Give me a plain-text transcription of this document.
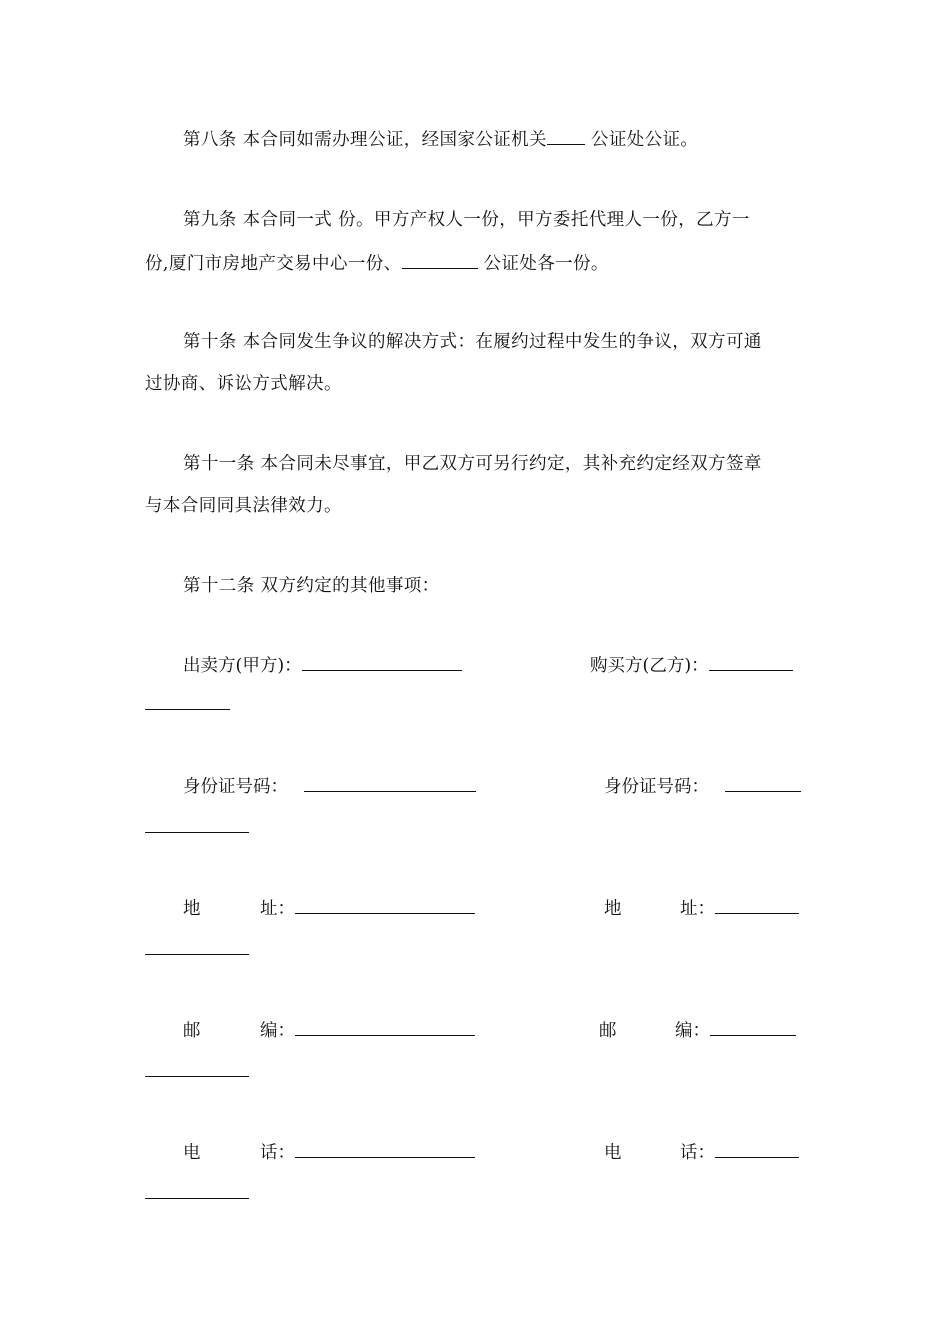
第八条 本合同如需办理公证，经国家公证机关 公证处公证。
第九条 本合同一式 份。甲方产权人一份，甲方委托代理人一份，乙方一
份,厦门市房地产交易中心一份、	公证处各一份。
第十条 本合同发生争议的解决方式：在履约过程中发生的争议，双方可通
过协商、诉讼方式解决。
第十一条 本合同未尽事宜，甲乙双方可另行约定，其补充约定经双方签章
与本合同同具法律效力。
第十二条 双方约定的其他事项：
出卖方(甲方)：	购买方(乙方)：
身份证号码：	身份证号码：
地	址：	地	址：
邮	编：	邮	编：
电	话：	电	话：
